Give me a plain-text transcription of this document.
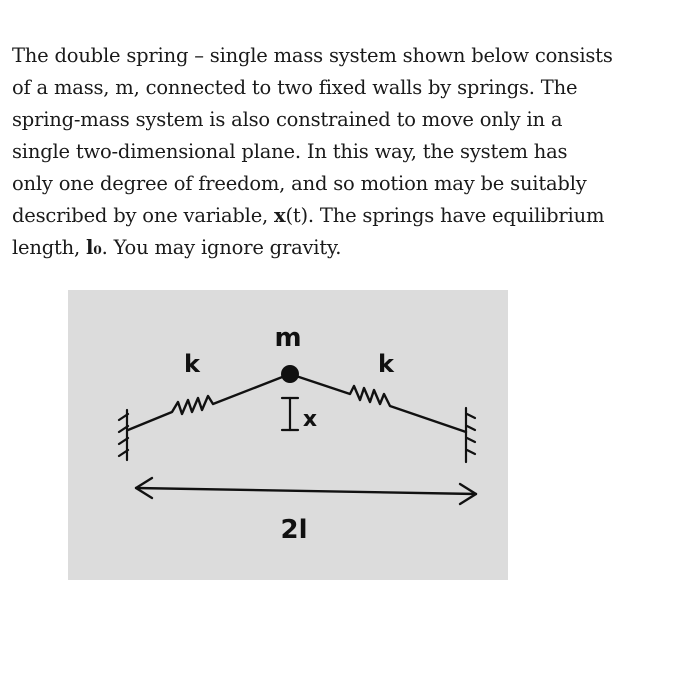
The double spring – single mass system shown below consists
of a mass, m, connected to two fixed walls by springs. The
spring-mass system is also constrained to move only in a
single two-dimensional plane. In this way, the system has
only one degree of freedom, and so motion may be suitably
described by one variable, x(t). The springs have equilibrium
length, l₀. You may ignore gravity.
m
k	k
x
2l
